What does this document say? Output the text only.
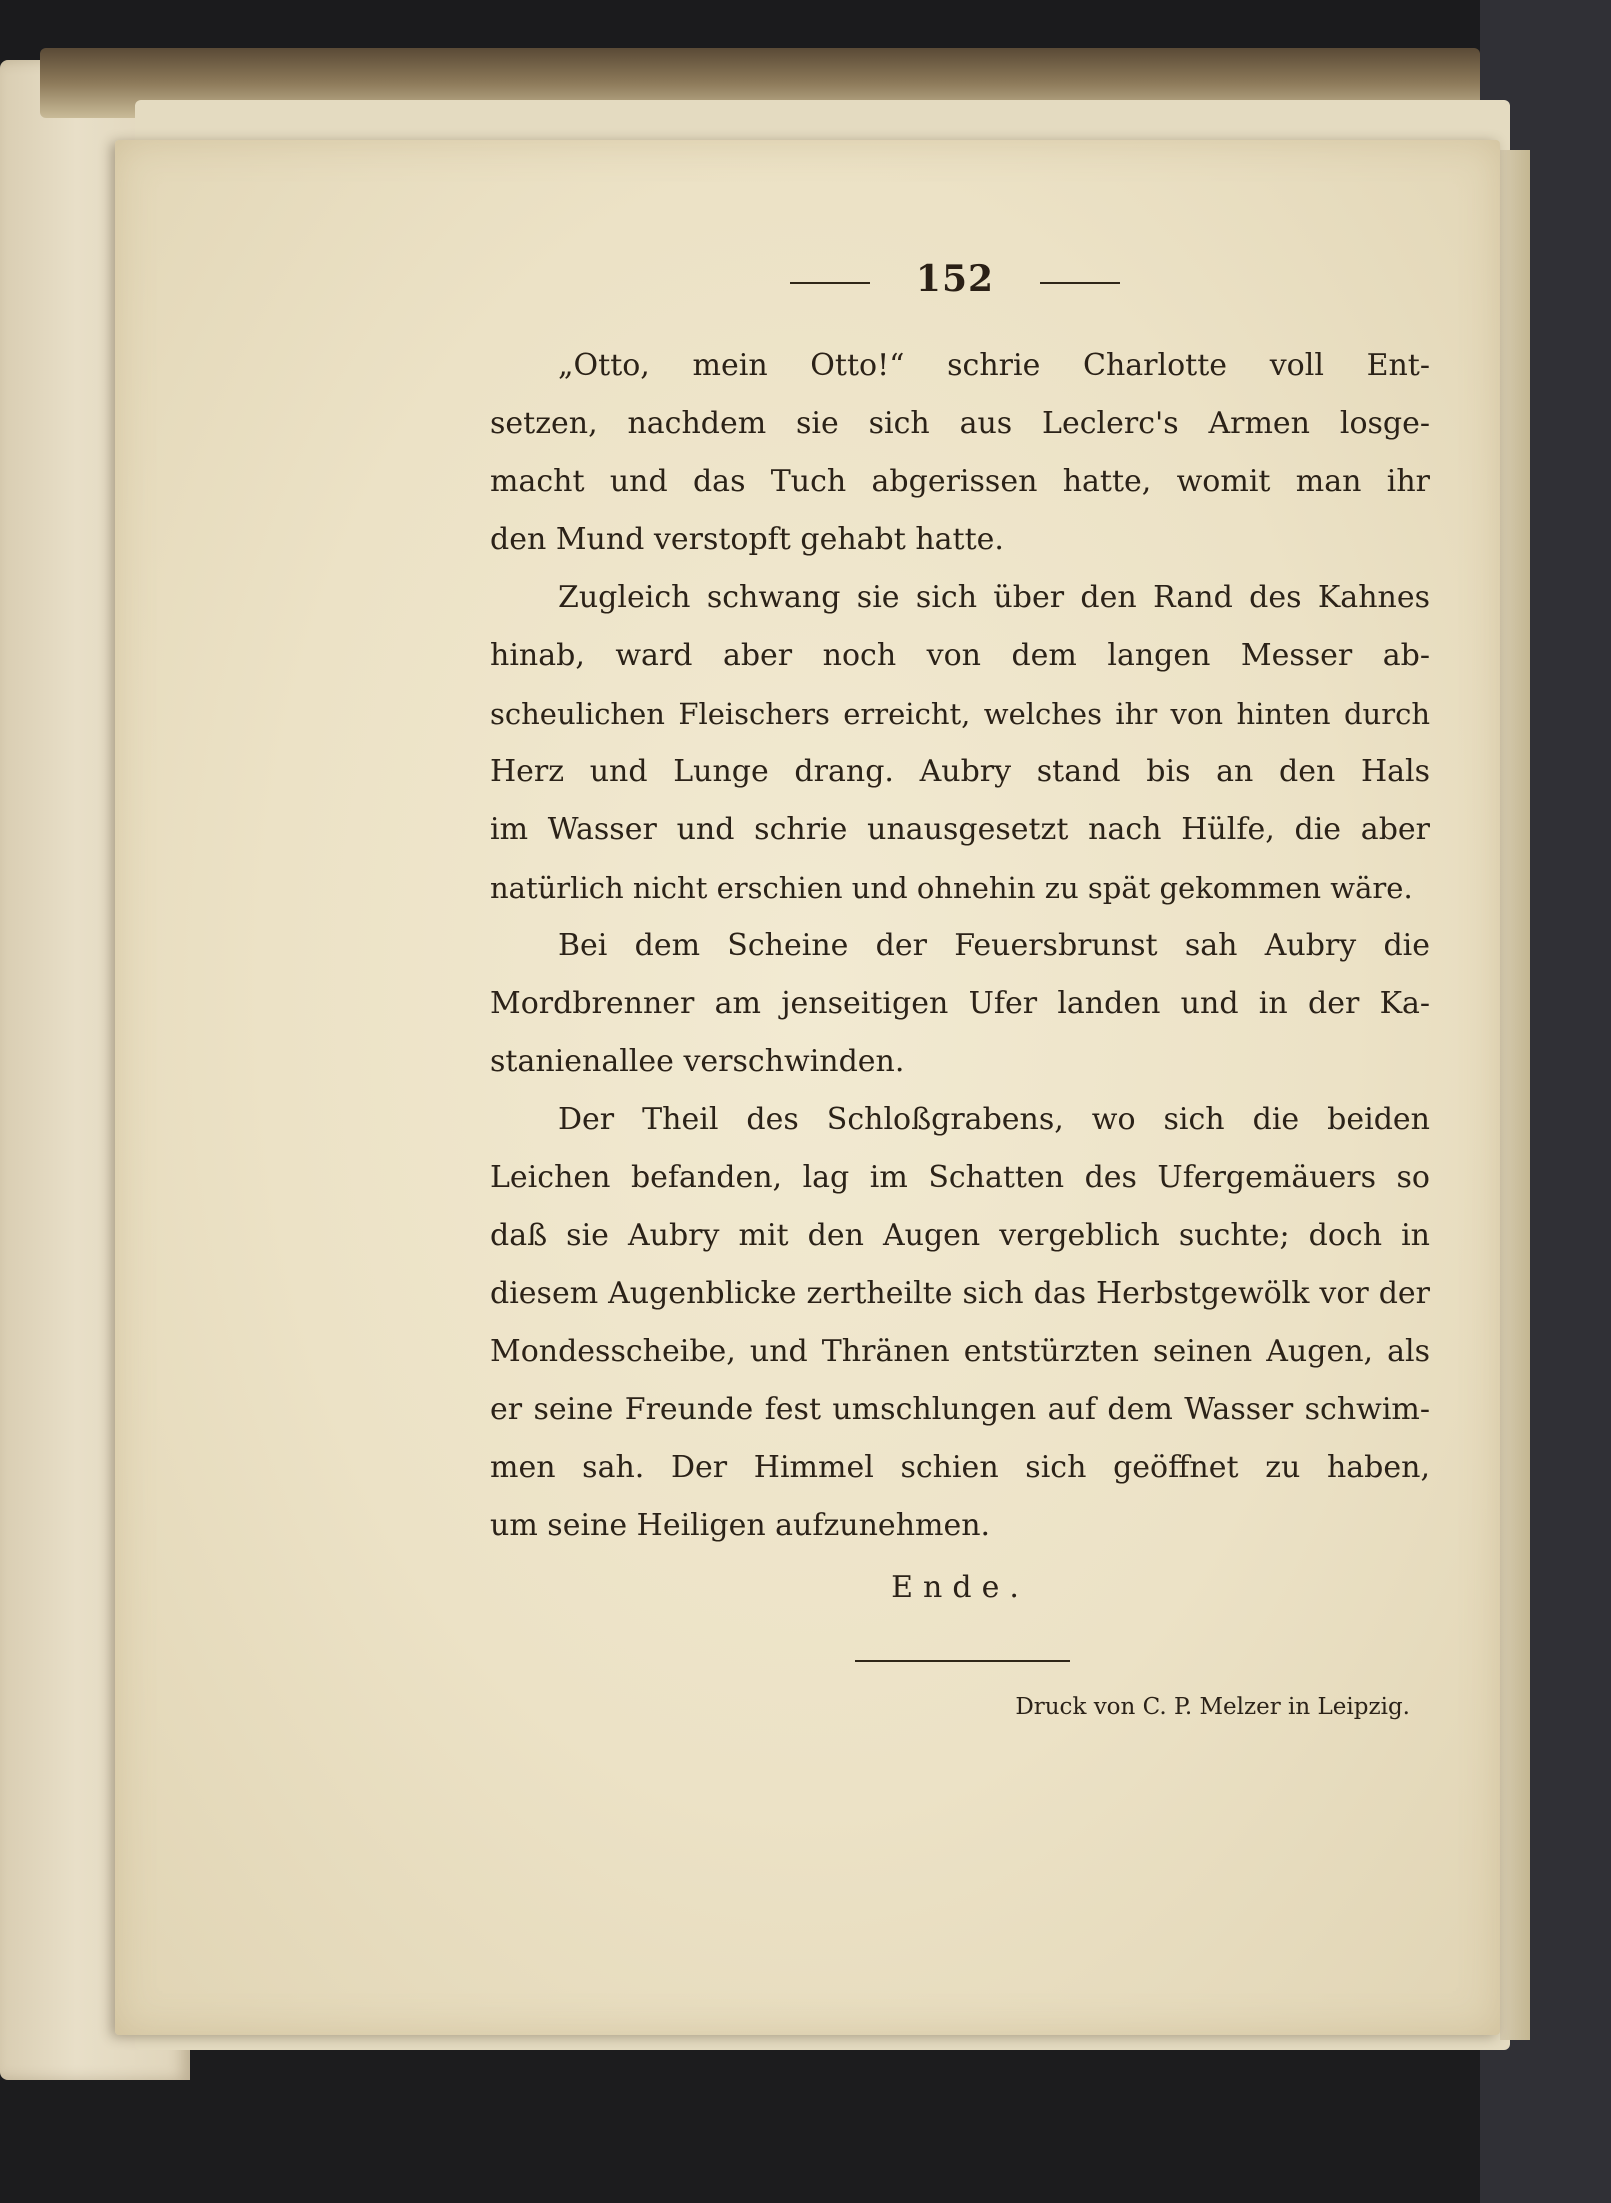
152
„Otto, mein Otto!“ schrie Charlotte voll Ent-
setzen, nachdem sie sich aus Leclerc's Armen losge-
macht und das Tuch abgerissen hatte, womit man ihr
den Mund verstopft gehabt hatte.
Zugleich schwang sie sich über den Rand des Kahnes
hinab, ward aber noch von dem langen Messer ab-
scheulichen Fleischers erreicht, welches ihr von hinten durch
Herz und Lunge drang. Aubry stand bis an den Hals
im Wasser und schrie unausgesetzt nach Hülfe, die aber
natürlich nicht erschien und ohnehin zu spät gekommen wäre.
Bei dem Scheine der Feuersbrunst sah Aubry die
Mordbrenner am jenseitigen Ufer landen und in der Ka-
stanienallee verschwinden.
Der Theil des Schloßgrabens, wo sich die beiden
Leichen befanden, lag im Schatten des Ufergemäuers so
daß sie Aubry mit den Augen vergeblich suchte; doch in
diesem Augenblicke zertheilte sich das Herbstgewölk vor der
Mondesscheibe, und Thränen entstürzten seinen Augen, als
er seine Freunde fest umschlungen auf dem Wasser schwim-
men sah. Der Himmel schien sich geöffnet zu haben,
um seine Heiligen aufzunehmen.
Ende.
Druck von C. P. Melzer in Leipzig.
